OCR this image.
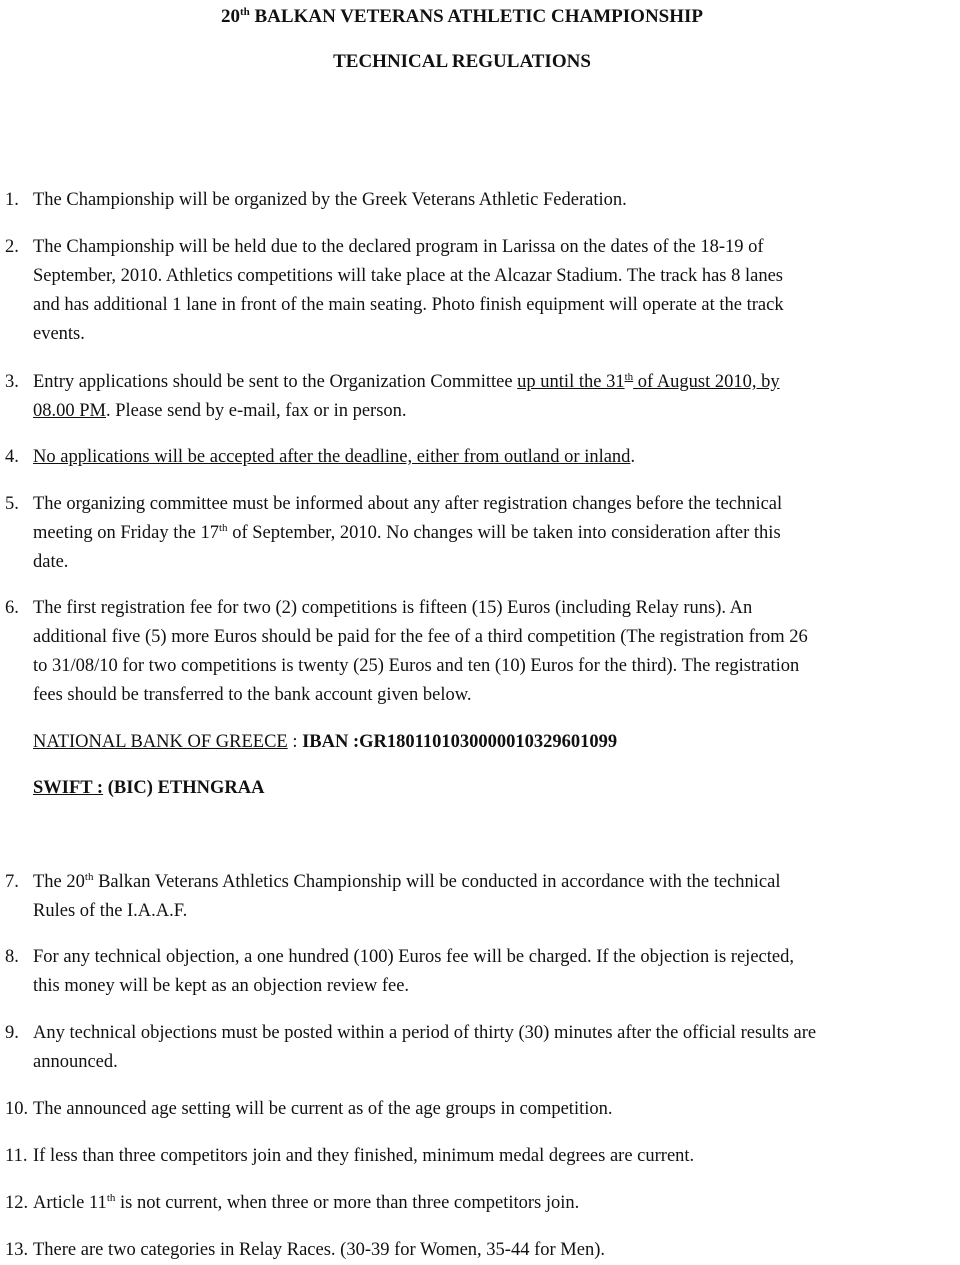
20th BALKAN VETERANS ATHLETIC CHAMPIONSHIP
TECHNICAL REGULATIONS
1. The Championship will be organized by the Greek Veterans Athletic Federation.
2. The Championship will be held due to the declared program in Larissa on the dates of the 18-19 of
September, 2010. Athletics competitions will take place at the Alcazar Stadium. The track has 8 lanes
and has additional 1 lane in front of the main seating. Photo finish equipment will operate at the track
events.
3. Entry applications should be sent to the Organization Committee up until the 31th of August 2010, by
08.00 PM. Please send by e-mail, fax or in person.
4. No applications will be accepted after the deadline, either from outland or inland.
5. The organizing committee must be informed about any after registration changes before the technical
meeting on Friday the 17th of September, 2010. No changes will be taken into consideration after this
date.
6. The first registration fee for two (2) competitions is fifteen (15) Euros (including Relay runs). An
additional five (5) more Euros should be paid for the fee of a third competition (The registration from 26
to 31/08/10 for two competitions is twenty (25) Euros and ten (10) Euros for the third). The registration
fees should be transferred to the bank account given below.
NATIONAL BANK OF GREECE : IBAN :GR1801101030000010329601099
SWIFT : (BIC) ETHNGRAA
7. The 20th Balkan Veterans Athletics Championship will be conducted in accordance with the technical
Rules of the I.A.A.F.
8. For any technical objection, a one hundred (100) Euros fee will be charged. If the objection is rejected,
this money will be kept as an objection review fee.
9. Any technical objections must be posted within a period of thirty (30) minutes after the official results are
announced.
10. The announced age setting will be current as of the age groups in competition.
11. If less than three competitors join and they finished, minimum medal degrees are current.
12. Article 11th is not current, when three or more than three competitors join.
13. There are two categories in Relay Races. (30-39 for Women, 35-44 for Men).
